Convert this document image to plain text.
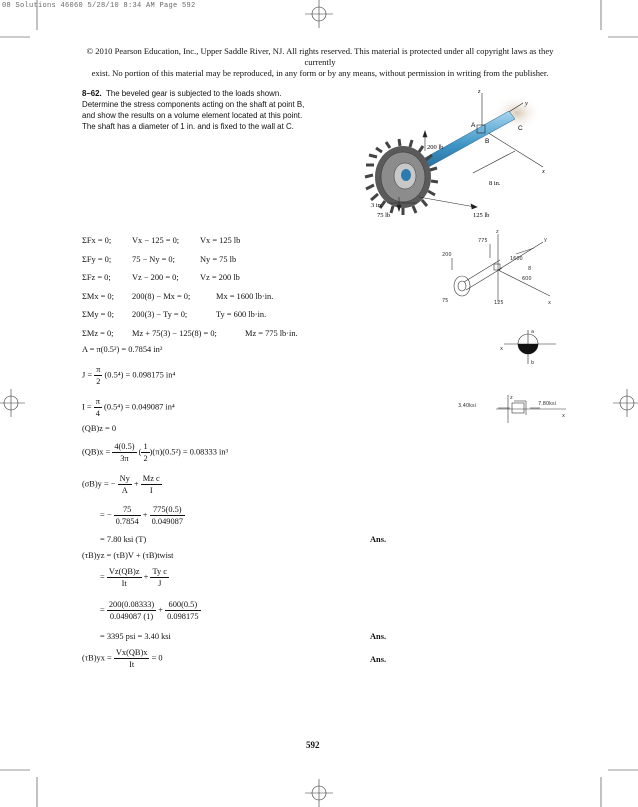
08 Solutions 46060 5/28/10 8:34 AM Page 592
© 2010 Pearson Education, Inc., Upper Saddle River, NJ. All rights reserved. This material is protected under all copyright laws as they currently
exist. No portion of this material may be reproduced, in any form or by any means, without permission in writing from the publisher.
8–62. The beveled gear is subjected to the loads shown. Determine the stress components acting on the shaft at point B, and show the results on a volume element located at this point. The shaft has a diameter of 1 in. and is fixed to the wall at C.
z
y
x
A
B
C
200 lb
8 in.
3 in.
75 lb	125 lb
ΣFx = 0;	Vx − 125 = 0; Vx = 125 lb
ΣFy = 0; 75 − Ny = 0;	Ny = 75 lb
ΣFz = 0;	Vz − 200 = 0;	Vz = 200 lb
ΣMx = 0; 200(8) − Mx = 0;	Mx = 1600 lb·in.
ΣMy = 0; 200(3) − Ty = 0;	Ty = 600 lb·in.
ΣMz = 0; Mz + 75(3) − 125(8) = 0;	Mz = 775 lb·in.
A = π(0.5²) = 0.7854 in²
$J = \frac{\pi}{2} (0.5^4) = 0.098175$ in⁴
$I = \frac{\pi}{4} (0.5^4) = 0.049087$ in⁴
(QB)z = 0
$(QB)x = \frac{4(0.5)}{3\pi}$ ( $\frac{1}{2} )(\pi)(0.5^2) = 0.08333$ in³
(σB)y = − $\frac{Ny}{A} + \frac{\text{Mz c}}{I}$
= − $\frac{75}{0.7854} + \frac{775(0.5)}{0.049087}$
= 7.80 ksi (T)	Ans.
(τB)yz = (τB)V + (τB)twist
= $\frac{Vz(QB)z}{It} + \frac{\text{Ty c}}{J}$
= $\frac{200(0.08333)}{0.049087 (1)} + \frac{600(0.5)}{0.098175}$
= 3395 psi = 3.40 ksi	Ans.
$(\tau B)yx = \frac{Vx(QB)x}{It} = 0$	Ans.
z
y
x
200
775
1600
125
600
75
8
x
a
b
3.40ksi	7.80ksi
z
x
592
